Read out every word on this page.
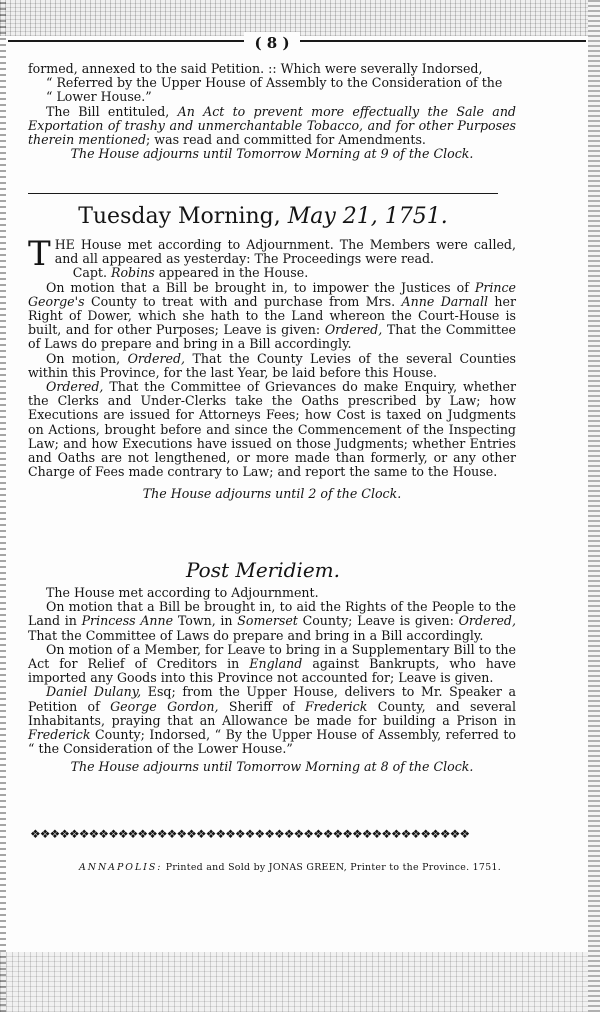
( 8 )

formed, annexed to the said Petition. :: Which were severally Indorsed,

“ Referred by the Upper House of Assembly to the Consideration of the

“ Lower House.”

The Bill entituled, An Act to prevent more effectually the Sale and Exportation of trashy and unmerchantable Tobacco, and for other Purposes therein mentioned; was read and committed for Amendments.

The House adjourns until Tomorrow Morning at 9 of the Clock.

Tuesday Morning, May 21, 1751.

THE House met according to Adjournment. The Members were called, and all appeared as yesterday: The Proceedings were read.

Capt. Robins appeared in the House.

On motion that a Bill be brought in, to impower the Justices of Prince George's County to treat with and purchase from Mrs. Anne Darnall her Right of Dower, which she hath to the Land whereon the Court-House is built, and for other Purposes; Leave is given: Ordered, That the Committee of Laws do prepare and bring in a Bill accordingly.

On motion, Ordered, That the County Levies of the several Counties within this Province, for the last Year, be laid before this House.

Ordered, That the Committee of Grievances do make Enquiry, whether the Clerks and Under-Clerks take the Oaths prescribed by Law; how Executions are issued for Attorneys Fees; how Cost is taxed on Judgments on Actions, brought before and since the Commencement of the Inspecting Law; and how Executions have issued on those Judgments; whether Entries and Oaths are not lengthened, or more made than formerly, or any other Charge of Fees made contrary to Law; and report the same to the House.

The House adjourns until 2 of the Clock.

Post Meridiem.

The House met according to Adjournment.

On motion that a Bill be brought in, to aid the Rights of the People to the Land in Princess Anne Town, in Somerset County; Leave is given: Ordered, That the Committee of Laws do prepare and bring in a Bill accordingly.

On motion of a Member, for Leave to bring in a Supplementary Bill to the Act for Relief of Creditors in England against Bankrupts, who have imported any Goods into this Province not accounted for; Leave is given.

Daniel Dulany, Esq; from the Upper House, delivers to Mr. Speaker a Petition of George Gordon, Sheriff of Frederick County, and several Inhabitants, praying that an Allowance be made for building a Prison in Frederick County; Indorsed, “ By the Upper House of Assembly, referred to “ the Consideration of the Lower House.”

The House adjourns until Tomorrow Morning at 8 of the Clock.

❖❖❖❖❖❖❖❖❖❖❖❖❖❖❖❖❖❖❖❖❖❖❖❖❖❖❖❖❖❖❖❖❖❖❖❖❖❖❖❖❖❖❖❖❖
ANNAPOLIS: Printed and Sold by JONAS GREEN, Printer to the Province. 1751.
